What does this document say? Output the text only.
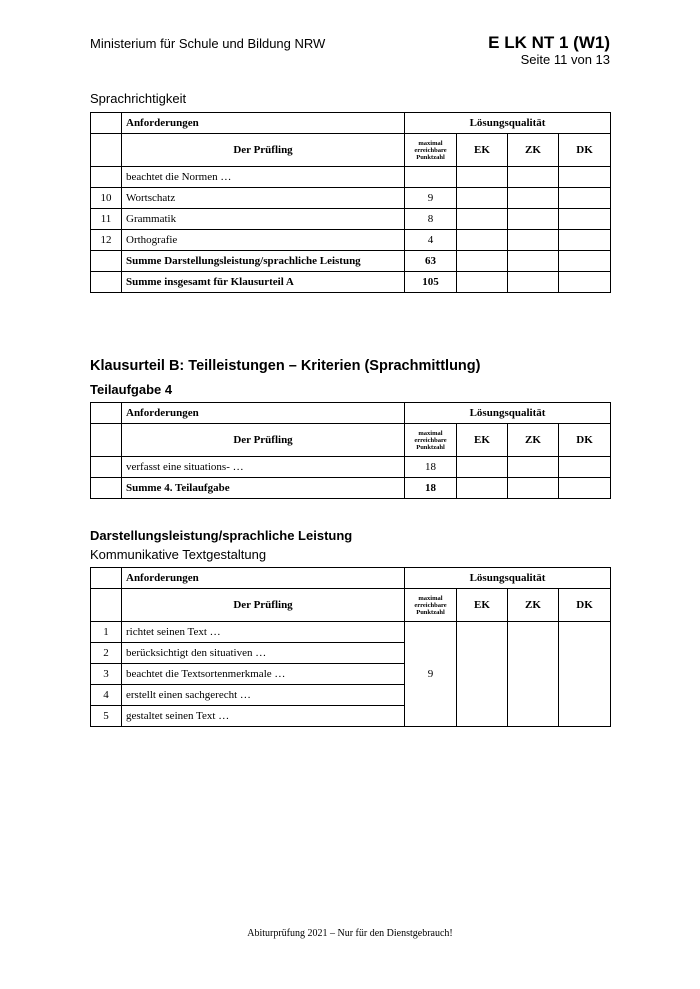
Ministerium für Schule und Bildung NRW	E LK NT 1 (W1)
Seite 11 von 13
Sprachrichtigkeit
	Anforderungen	Lösungsqualität			
	Der Prüfling	maximal
erreichbare
Punktzahl	EK	ZK	DK
	beachtet die Normen …				
10	Wortschatz	9			
11	Grammatik	8			
12	Orthografie	4			
	Summe Darstellungsleistung/sprachliche Leistung	63			
	Summe insgesamt für Klausurteil A	105			
Klausurteil B: Teilleistungen – Kriterien (Sprachmittlung)
Teilaufgabe 4
	Anforderungen	Lösungsqualität			
	Der Prüfling	maximal
erreichbare
Punktzahl	EK	ZK	DK
	verfasst eine situations- …	18			
	Summe 4. Teilaufgabe	18			
Darstellungsleistung/sprachliche Leistung
Kommunikative Textgestaltung
	Anforderungen	Lösungsqualität			
	Der Prüfling	maximal
erreichbare
Punktzahl	EK	ZK	DK
1	richtet seinen Text …	9			
2	berücksichtigt den situativen …				
3	beachtet die Textsortenmerkmale …				
4	erstellt einen sachgerecht …				
5	gestaltet seinen Text …				
Abiturprüfung 2021 – Nur für den Dienstgebrauch!
